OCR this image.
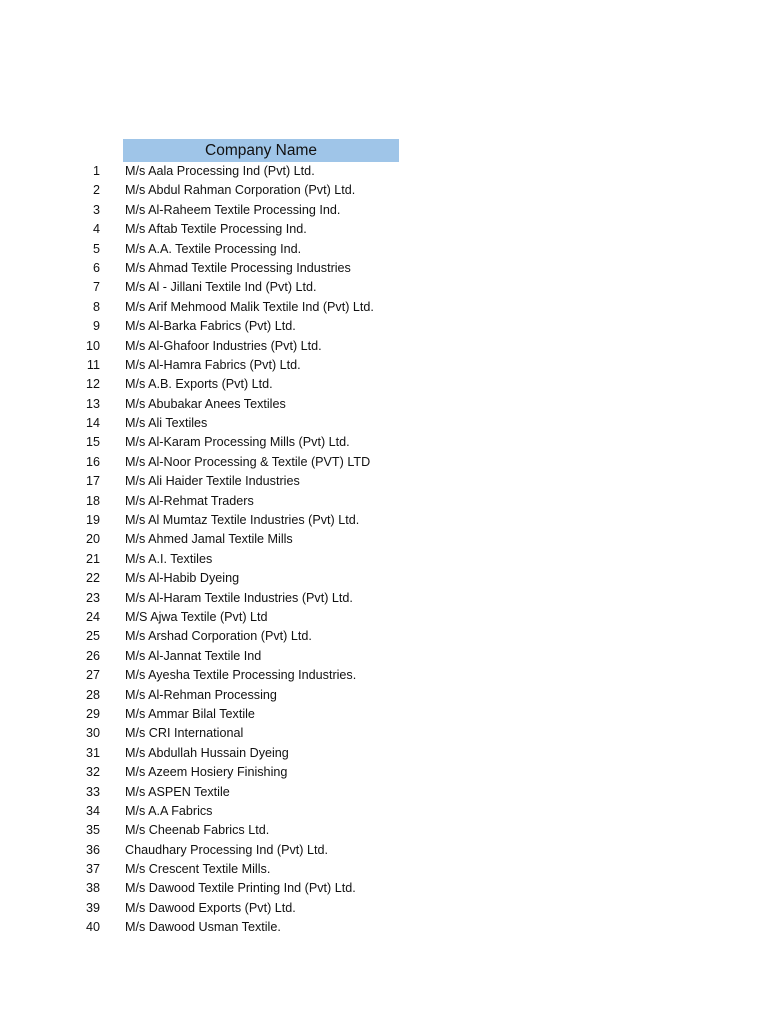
Company Name
1 M/s Aala Processing Ind (Pvt) Ltd.
2 M/s Abdul Rahman Corporation (Pvt) Ltd.
3 M/s Al-Raheem Textile Processing Ind.
4 M/s Aftab Textile Processing Ind.
5 M/s A.A. Textile Processing Ind.
6 M/s Ahmad Textile Processing Industries
7 M/s Al - Jillani Textile Ind (Pvt) Ltd.
8 M/s Arif Mehmood Malik Textile Ind (Pvt) Ltd.
9 M/s Al-Barka Fabrics (Pvt) Ltd.
10 M/s Al-Ghafoor Industries (Pvt) Ltd.
11 M/s Al-Hamra Fabrics (Pvt) Ltd.
12 M/s A.B. Exports (Pvt) Ltd.
13 M/s Abubakar Anees Textiles
14 M/s Ali Textiles
15 M/s Al-Karam Processing Mills (Pvt) Ltd.
16 M/s Al-Noor Processing & Textile (PVT) LTD
17 M/s Ali Haider Textile Industries
18 M/s Al-Rehmat Traders
19 M/s Al Mumtaz Textile Industries (Pvt) Ltd.
20 M/s Ahmed Jamal Textile Mills
21 M/s A.I. Textiles
22 M/s Al-Habib Dyeing
23 M/s Al-Haram Textile Industries (Pvt) Ltd.
24 M/S Ajwa Textile (Pvt) Ltd
25 M/s Arshad Corporation (Pvt) Ltd.
26 M/s Al-Jannat Textile Ind
27 M/s Ayesha Textile Processing Industries.
28 M/s Al-Rehman Processing
29 M/s Ammar Bilal Textile
30 M/s CRI International
31 M/s Abdullah Hussain Dyeing
32 M/s Azeem Hosiery Finishing
33 M/s ASPEN Textile
34 M/s A.A Fabrics
35 M/s Cheenab Fabrics Ltd.
36 Chaudhary Processing Ind (Pvt) Ltd.
37 M/s Crescent Textile Mills.
38 M/s Dawood Textile Printing Ind (Pvt) Ltd.
39 M/s Dawood Exports (Pvt) Ltd.
40 M/s Dawood Usman Textile.
